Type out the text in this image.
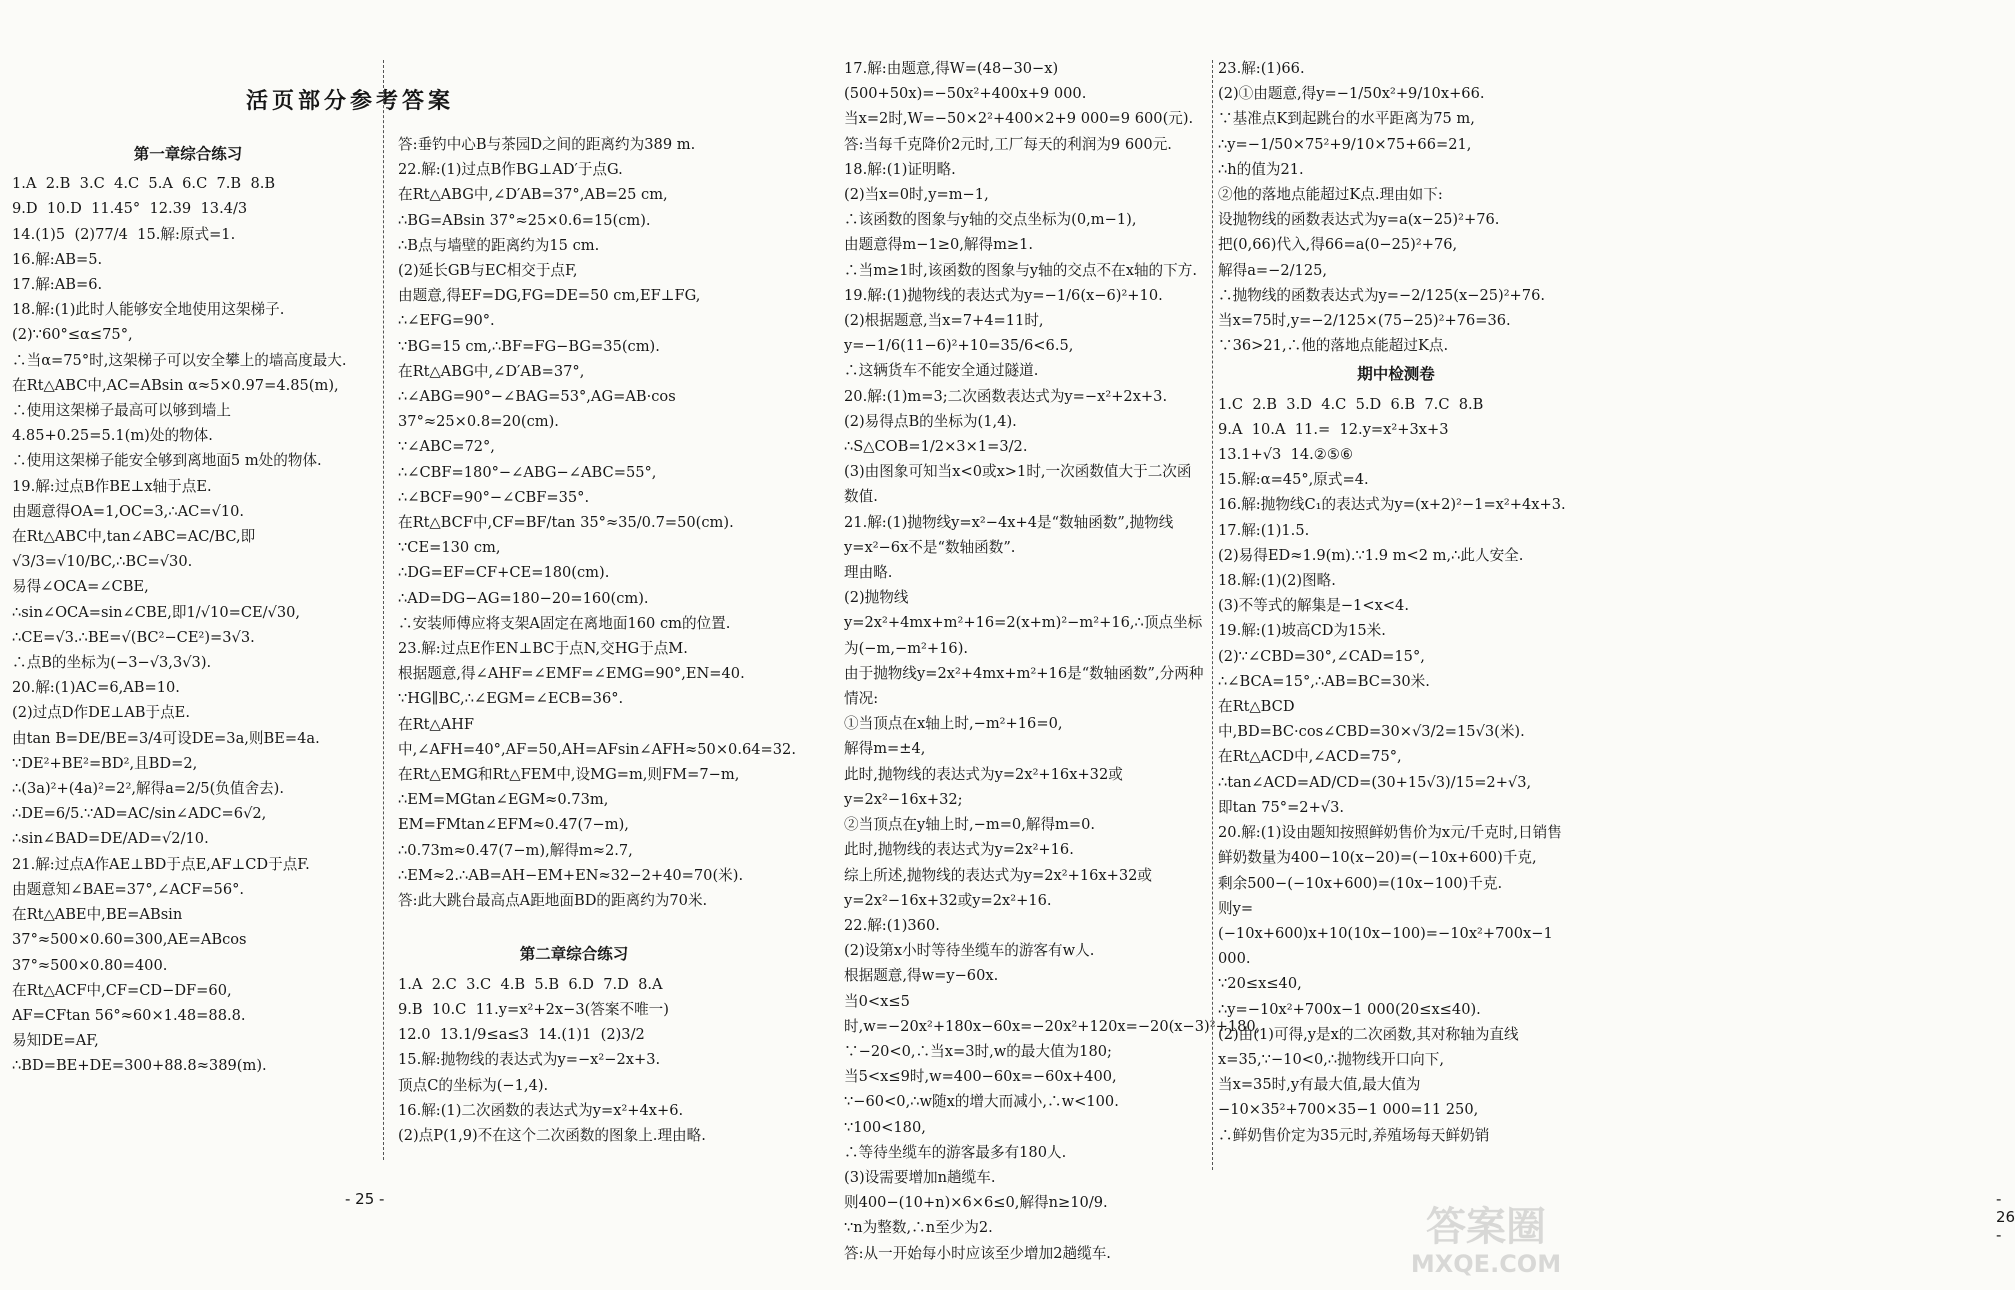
活页部分参考答案
第一章综合练习
1.A  2.B  3.C  4.C  5.A  6.C  7.B  8.B
9.D  10.D  11.45°  12.39  13.4/3
14.(1)5  (2)77/4  15.解:原式=1.
16.解:AB=5.
17.解:AB=6.
18.解:(1)此时人能够安全地使用这架梯子.
(2)∵60°≤α≤75°,
∴当α=75°时,这架梯子可以安全攀上的墙高度最大.
在Rt△ABC中,AC=ABsin α≈5×0.97=4.85(m),
∴使用这架梯子最高可以够到墙上4.85+0.25=5.1(m)处的物体.
∴使用这架梯子能安全够到离地面5 m处的物体.
19.解:过点B作BE⊥x轴于点E.
由题意得OA=1,OC=3,∴AC=√10.
在Rt△ABC中,tan∠ABC=AC/BC,即√3/3=√10/BC,∴BC=√30.
易得∠OCA=∠CBE,
∴sin∠OCA=sin∠CBE,即1/√10=CE/√30,
∴CE=√3.∴BE=√(BC²−CE²)=3√3.
∴点B的坐标为(−3−√3,3√3).
20.解:(1)AC=6,AB=10.
(2)过点D作DE⊥AB于点E.
由tan B=DE/BE=3/4可设DE=3a,则BE=4a.
∵DE²+BE²=BD²,且BD=2,
∴(3a)²+(4a)²=2²,解得a=2/5(负值舍去).
∴DE=6/5.∵AD=AC/sin∠ADC=6√2,
∴sin∠BAD=DE/AD=√2/10.
21.解:过点A作AE⊥BD于点E,AF⊥CD于点F.
由题意知∠BAE=37°,∠ACF=56°.
在Rt△ABE中,BE=ABsin 37°≈500×0.60=300,AE=ABcos 37°≈500×0.80=400.
在Rt△ACF中,CF=CD−DF=60,
AF=CFtan 56°≈60×1.48=88.8.
易知DE=AF,
∴BD=BE+DE=300+88.8≈389(m).
答:垂钓中心B与茶园D之间的距离约为389 m.
22.解:(1)过点B作BG⊥AD′于点G.
在Rt△ABG中,∠D′AB=37°,AB=25 cm,
∴BG=ABsin 37°≈25×0.6=15(cm).
∴B点与墙壁的距离约为15 cm.
(2)延长GB与EC相交于点F,
由题意,得EF=DG,FG=DE=50 cm,EF⊥FG,
∴∠EFG=90°.
∵BG=15 cm,∴BF=FG−BG=35(cm).
在Rt△ABG中,∠D′AB=37°,
∴∠ABG=90°−∠BAG=53°,AG=AB·cos 37°≈25×0.8=20(cm).
∵∠ABC=72°,
∴∠CBF=180°−∠ABG−∠ABC=55°,
∴∠BCF=90°−∠CBF=35°.
在Rt△BCF中,CF=BF/tan 35°≈35/0.7=50(cm).
∵CE=130 cm,
∴DG=EF=CF+CE=180(cm).
∴AD=DG−AG=180−20=160(cm).
∴安装师傅应将支架A固定在离地面160 cm的位置.
23.解:过点E作EN⊥BC于点N,交HG于点M.
根据题意,得∠AHF=∠EMF=∠EMG=90°,EN=40.
∵HG∥BC,∴∠EGM=∠ECB=36°.
在Rt△AHF中,∠AFH=40°,AF=50,AH=AFsin∠AFH≈50×0.64=32.
在Rt△EMG和Rt△FEM中,设MG=m,则FM=7−m,
∴EM=MGtan∠EGM≈0.73m,
EM=FMtan∠EFM≈0.47(7−m),
∴0.73m≈0.47(7−m),解得m≈2.7,
∴EM≈2.∴AB=AH−EM+EN≈32−2+40=70(米).
答:此大跳台最高点A距地面BD的距离约为70米.
第二章综合练习
1.A  2.C  3.C  4.B  5.B  6.D  7.D  8.A
9.B  10.C  11.y=x²+2x−3(答案不唯一)
12.0  13.1/9≤a≤3  14.(1)1  (2)3/2
15.解:抛物线的表达式为y=−x²−2x+3.
顶点C的坐标为(−1,4).
16.解:(1)二次函数的表达式为y=x²+4x+6.
(2)点P(1,9)不在这个二次函数的图象上.理由略.
- 25 -
17.解:由题意,得W=(48−30−x)(500+50x)=−50x²+400x+9 000.
当x=2时,W=−50×2²+400×2+9 000=9 600(元).
答:当每千克降价2元时,工厂每天的利润为9 600元.
18.解:(1)证明略.
(2)当x=0时,y=m−1,
∴该函数的图象与y轴的交点坐标为(0,m−1),
由题意得m−1≥0,解得m≥1.
∴当m≥1时,该函数的图象与y轴的交点不在x轴的下方.
19.解:(1)抛物线的表达式为y=−1/6(x−6)²+10.
(2)根据题意,当x=7+4=11时,
y=−1/6(11−6)²+10=35/6<6.5,
∴这辆货车不能安全通过隧道.
20.解:(1)m=3;二次函数表达式为y=−x²+2x+3.
(2)易得点B的坐标为(1,4).
∴S△COB=1/2×3×1=3/2.
(3)由图象可知当x<0或x>1时,一次函数值大于二次函数值.
21.解:(1)抛物线y=x²−4x+4是“数轴函数”,抛物线y=x²−6x不是“数轴函数”.
理由略.
(2)抛物线y=2x²+4mx+m²+16=2(x+m)²−m²+16,∴顶点坐标为(−m,−m²+16).
由于抛物线y=2x²+4mx+m²+16是“数轴函数”,分两种情况:
①当顶点在x轴上时,−m²+16=0,
解得m=±4,
此时,抛物线的表达式为y=2x²+16x+32或y=2x²−16x+32;
②当顶点在y轴上时,−m=0,解得m=0.
此时,抛物线的表达式为y=2x²+16.
综上所述,抛物线的表达式为y=2x²+16x+32或y=2x²−16x+32或y=2x²+16.
22.解:(1)360.
(2)设第x小时等待坐缆车的游客有w人.
根据题意,得w=y−60x.
当0<x≤5时,w=−20x²+180x−60x=−20x²+120x=−20(x−3)²+180,
∵−20<0,∴当x=3时,w的最大值为180;
当5<x≤9时,w=400−60x=−60x+400,
∵−60<0,∴w随x的增大而减小,∴w<100.
∵100<180,
∴等待坐缆车的游客最多有180人.
(3)设需要增加n趟缆车.
则400−(10+n)×6×6≤0,解得n≥10/9.
∵n为整数,∴n至少为2.
答:从一开始每小时应该至少增加2趟缆车.
23.解:(1)66.
(2)①由题意,得y=−1/50x²+9/10x+66.
∵基准点K到起跳台的水平距离为75 m,
∴y=−1/50×75²+9/10×75+66=21,
∴h的值为21.
②他的落地点能超过K点.理由如下:
设抛物线的函数表达式为y=a(x−25)²+76.
把(0,66)代入,得66=a(0−25)²+76,
解得a=−2/125,
∴抛物线的函数表达式为y=−2/125(x−25)²+76.
当x=75时,y=−2/125×(75−25)²+76=36.
∵36>21,∴他的落地点能超过K点.
期中检测卷
1.C  2.B  3.D  4.C  5.D  6.B  7.C  8.B
9.A  10.A  11.=  12.y=x²+3x+3
13.1+√3  14.②⑤⑥
15.解:α=45°,原式=4.
16.解:抛物线C₁的表达式为y=(x+2)²−1=x²+4x+3.
17.解:(1)1.5.
(2)易得ED≈1.9(m).∵1.9 m<2 m,∴此人安全.
18.解:(1)(2)图略.
(3)不等式的解集是−1<x<4.
19.解:(1)坡高CD为15米.
(2)∵∠CBD=30°,∠CAD=15°,
∴∠BCA=15°,∴AB=BC=30米.
在Rt△BCD中,BD=BC·cos∠CBD=30×√3/2=15√3(米).
在Rt△ACD中,∠ACD=75°,
∴tan∠ACD=AD/CD=(30+15√3)/15=2+√3,
即tan 75°=2+√3.
20.解:(1)设由题知按照鲜奶售价为x元/千克时,日销售鲜奶数量为400−10(x−20)=(−10x+600)千克,
剩余500−(−10x+600)=(10x−100)千克.
则y=(−10x+600)x+10(10x−100)=−10x²+700x−1 000.
∵20≤x≤40,
∴y=−10x²+700x−1 000(20≤x≤40).
(2)由(1)可得,y是x的二次函数,其对称轴为直线x=35,∵−10<0,∴抛物线开口向下,
当x=35时,y有最大值,最大值为−10×35²+700×35−1 000=11 250,
∴鲜奶售价定为35元时,养殖场每天鲜奶销
- 26 -
答案圈
MXQE.COM
